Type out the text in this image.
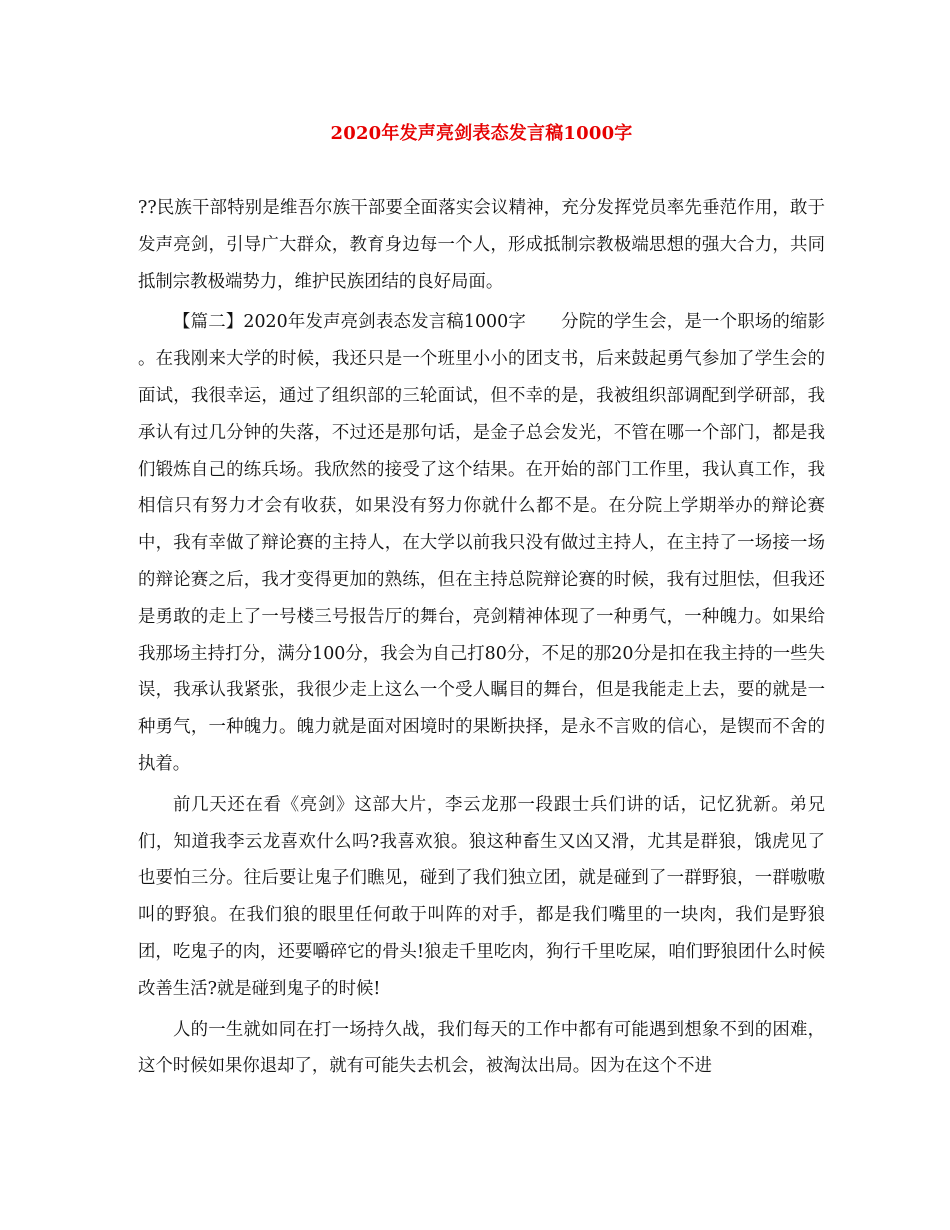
2020年发声亮剑表态发言稿1000字

??民族干部特别是维吾尔族干部要全面落实会议精神，充分发挥党员率先垂范作用，敢于发声亮剑，引导广大群众，教育身边每一个人，形成抵制宗教极端思想的强大合力，共同抵制宗教极端势力，维护民族团结的良好局面。

【篇二】2020年发声亮剑表态发言稿1000字　　分院的学生会，是一个职场的缩影 。在我刚来大学的时候，我还只是一个班里小小的团支书，后来鼓起勇气参加了学生会的面试，我很幸运，通过了组织部的三轮面试，但不幸的是，我被组织部调配到学研部，我承认有过几分钟的失落，不过还是那句话，是金子总会发光，不管在哪一个部门，都是我们锻炼自己的练兵场。我欣然的接受了这个结果。在开始的部门工作里，我认真工作，我相信只有努力才会有收获，如果没有努力你就什么都不是。在分院上学期举办的辩论赛中，我有幸做了辩论赛的主持人，在大学以前我只没有做过主持人，在主持了一场接一场的辩论赛之后，我才变得更加的熟练，但在主持总院辩论赛的时候，我有过胆怯，但我还是勇敢的走上了一号楼三号报告厅的舞台，亮剑精神体现了一种勇气，一种魄力。如果给我那场主持打分，满分100分，我会为自己打80分，不足的那20分是扣在我主持的一些失误，我承认我紧张，我很少走上这么一个受人瞩目的舞台，但是我能走上去，要的就是一种勇气，一种魄力。魄力就是面对困境时的果断抉择，是永不言败的信心，是锲而不舍的执着。

前几天还在看《亮剑》这部大片，李云龙那一段跟士兵们讲的话，记忆犹新。弟兄们，知道我李云龙喜欢什么吗?我喜欢狼。狼这种畜生又凶又滑，尤其是群狼，饿虎见了也要怕三分。往后要让鬼子们瞧见，碰到了我们独立团，就是碰到了一群野狼，一群嗷嗷叫的野狼。在我们狼的眼里任何敢于叫阵的对手，都是我们嘴里的一块肉，我们是野狼团，吃鬼子的肉，还要嚼碎它的骨头!狼走千里吃肉，狗行千里吃屎，咱们野狼团什么时候改善生活?就是碰到鬼子的时候!

人的一生就如同在打一场持久战，我们每天的工作中都有可能遇到想象不到的困难，这个时候如果你退却了，就有可能失去机会，被淘汰出局。因为在这个不进
